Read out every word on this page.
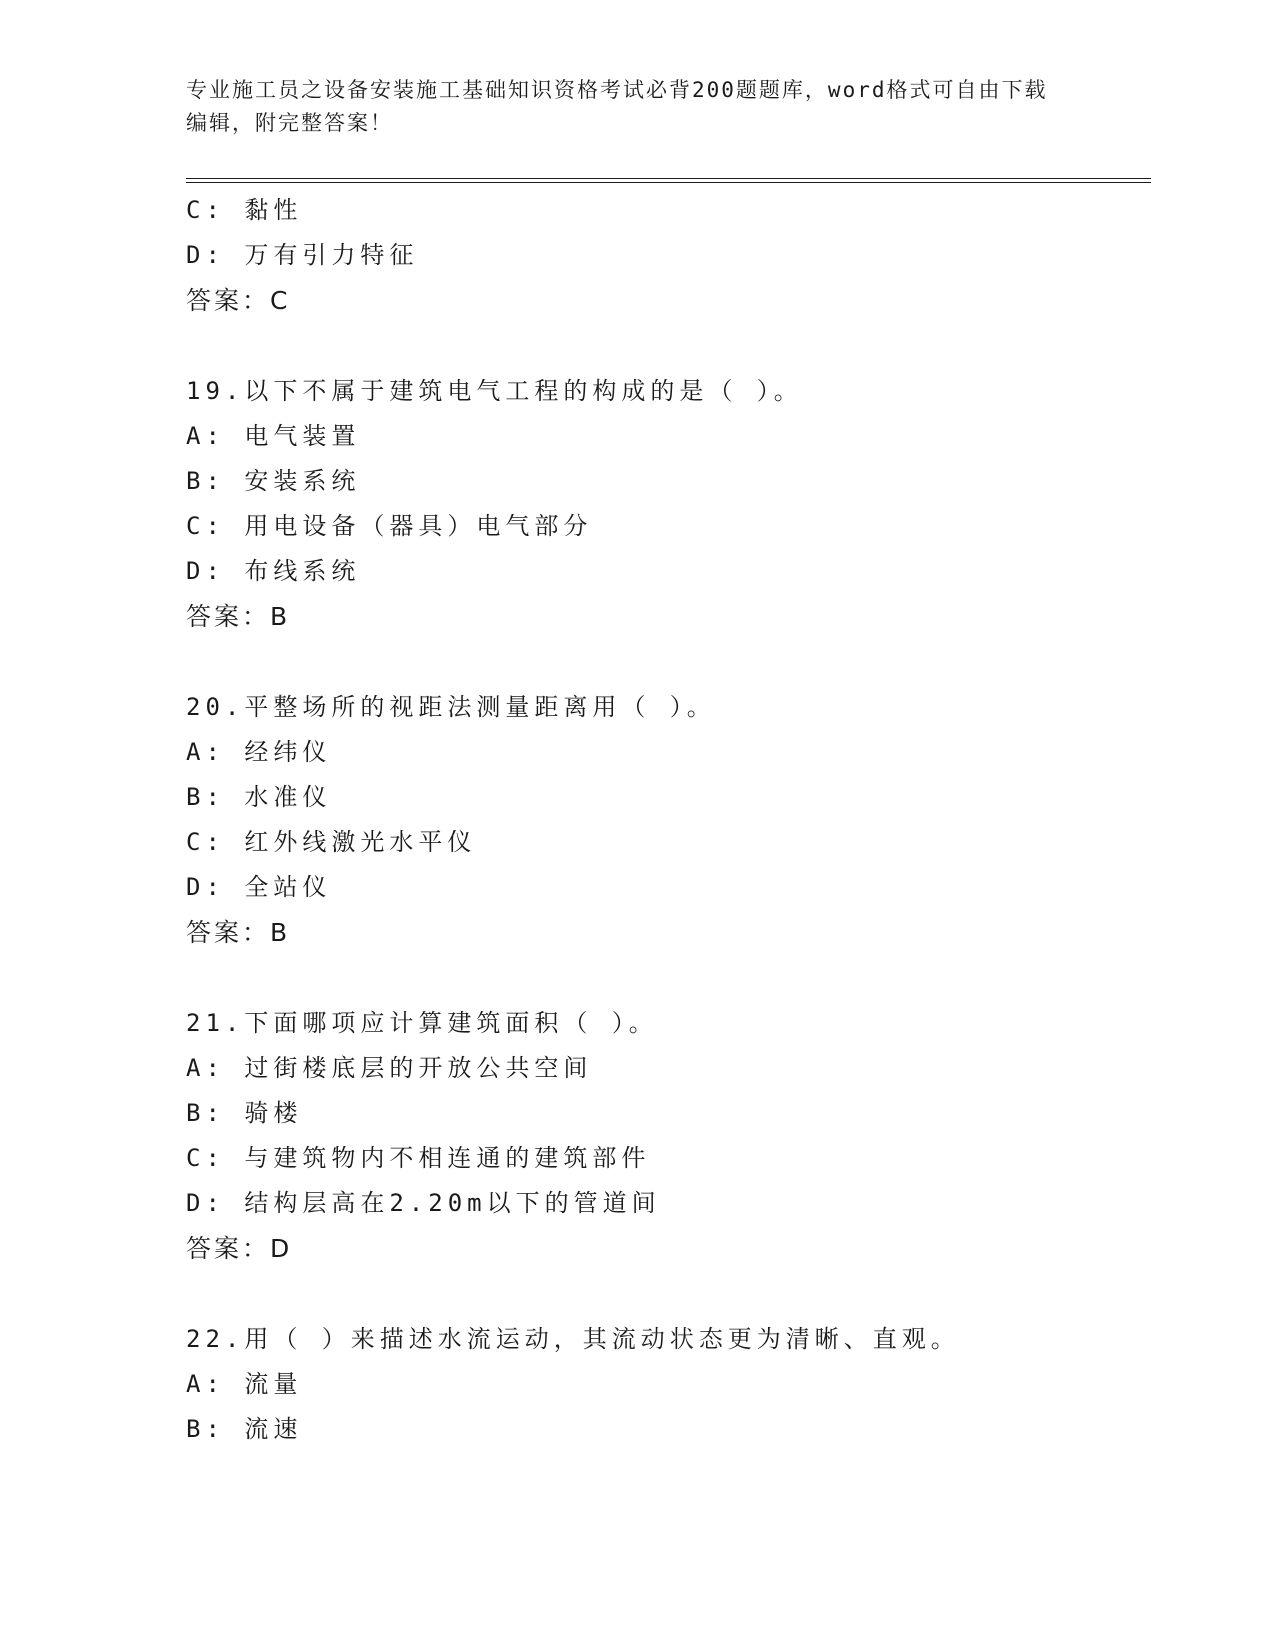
专业施工员之设备安装施工基础知识资格考试必背200题题库，word格式可自由下载编辑，附完整答案！
C: 黏性
D: 万有引力特征
答案：C
19.以下不属于建筑电气工程的构成的是（ ）。
A: 电气装置
B: 安装系统
C: 用电设备（器具）电气部分
D: 布线系统
答案：B
20.平整场所的视距法测量距离用（ ）。
A: 经纬仪
B: 水准仪
C: 红外线激光水平仪
D: 全站仪
答案：B
21.下面哪项应计算建筑面积（ ）。
A: 过街楼底层的开放公共空间
B: 骑楼
C: 与建筑物内不相连通的建筑部件
D: 结构层高在2.20m以下的管道间
答案：D
22.用（ ）来描述水流运动，其流动状态更为清晰、直观。
A: 流量
B: 流速
